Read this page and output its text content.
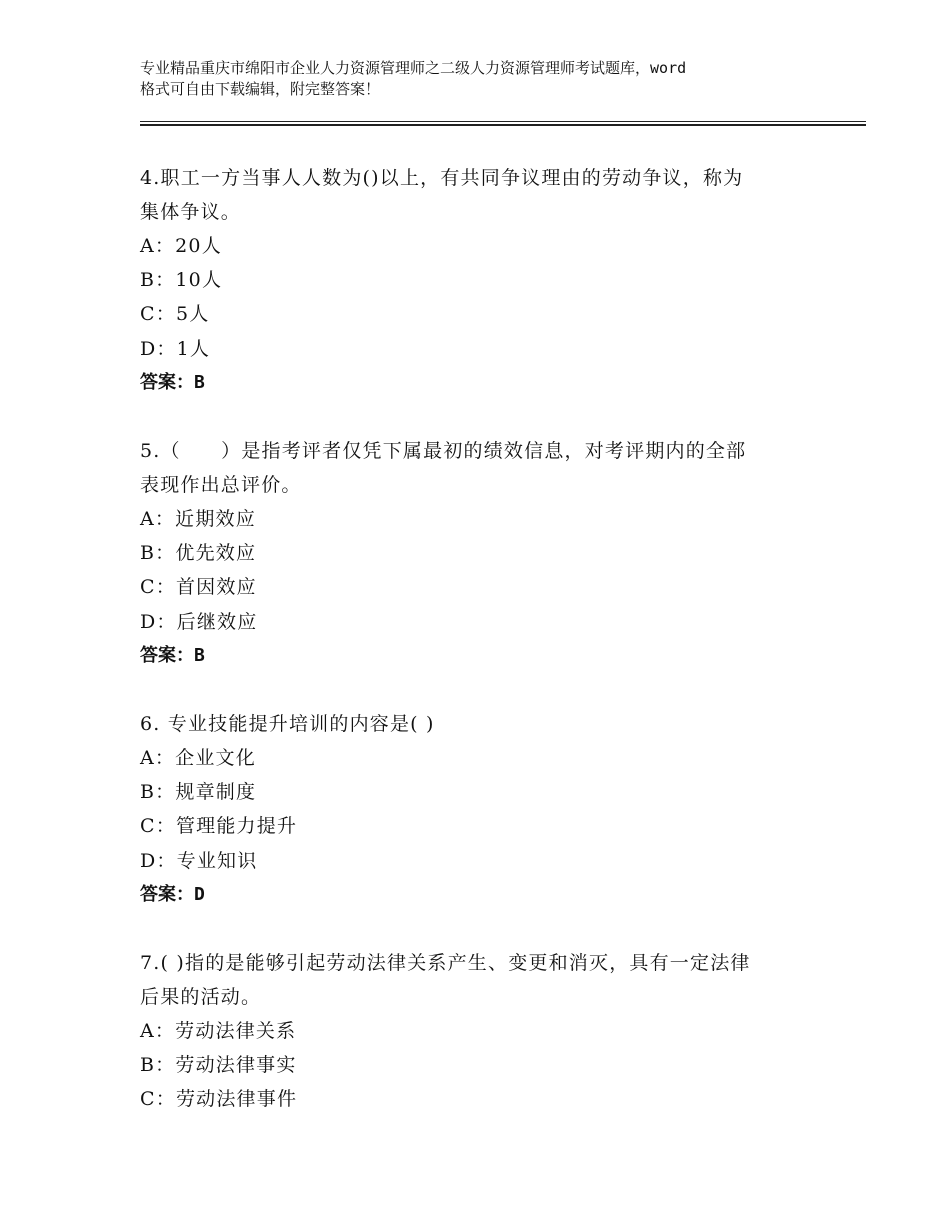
专业精品重庆市绵阳市企业人力资源管理师之二级人力资源管理师考试题库，word
格式可自由下载编辑，附完整答案！

4.职工一方当事人人数为()以上，有共同争议理由的劳动争议，称为

集体争议。

A：20人

B：10人

C：5人

D：1人

答案：B

5.（　　）是指考评者仅凭下属最初的绩效信息，对考评期内的全部

表现作出总评价。

A：近期效应

B：优先效应

C：首因效应

D：后继效应

答案：B

6. 专业技能提升培训的内容是( )

A：企业文化

B：规章制度

C：管理能力提升

D：专业知识

答案：D

7.( )指的是能够引起劳动法律关系产生、变更和消灭，具有一定法律

后果的活动。

A：劳动法律关系

B：劳动法律事实

C：劳动法律事件
